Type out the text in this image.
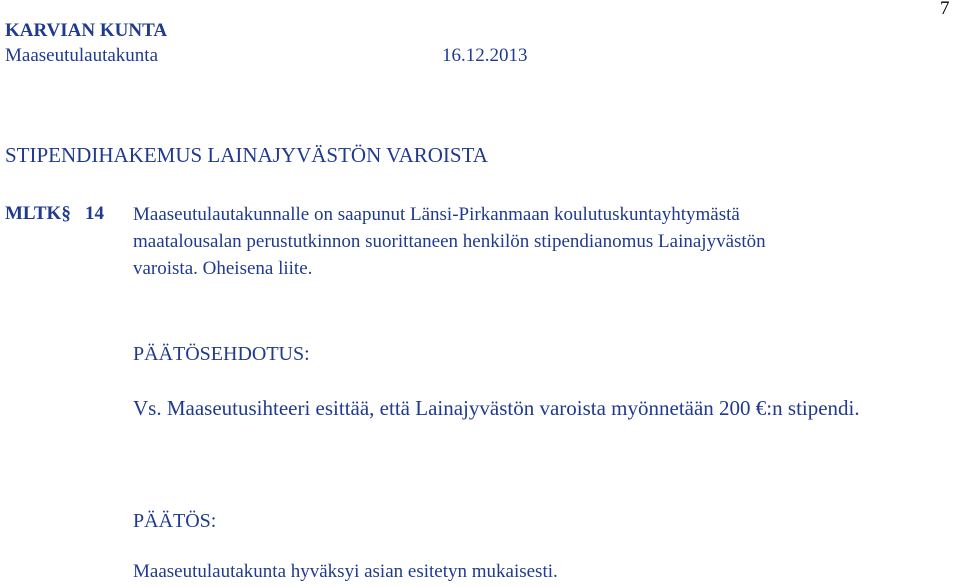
7
KARVIAN KUNTA
Maaseutulautakunta	16.12.2013
STIPENDIHAKEMUS LAINAJYVÄSTÖN VAROISTA
MLTK§ 14 Maaseutulautakunnalle on saapunut Länsi-Pirkanmaan koulutuskuntayhtymästä
maatalousalan perustutkinnon suorittaneen henkilön stipendianomus Lainajyvästön
varoista. Oheisena liite.
PÄÄTÖSEHDOTUS:
Vs. Maaseutusihteeri esittää, että Lainajyvästön varoista myönnetään 200 €:n stipendi.
PÄÄTÖS:
Maaseutulautakunta hyväksyi asian esitetyn mukaisesti.
